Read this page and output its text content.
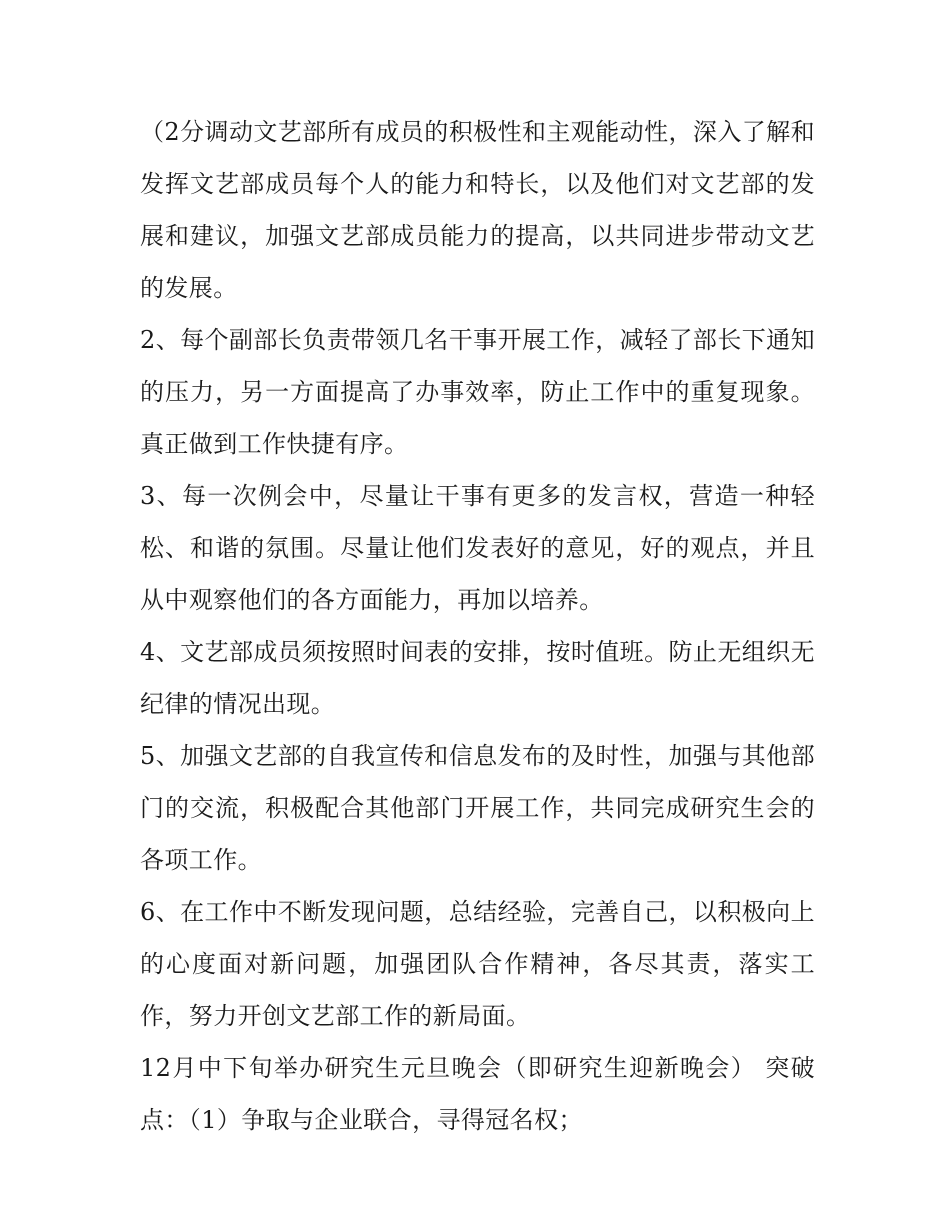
（2分调动文艺部所有成员的积极性和主观能动性，深入了解和发挥文艺部成员每个人的能力和特长，以及他们对文艺部的发展和建议，加强文艺部成员能力的提高，以共同进步带动文艺的发展。

2、每个副部长负责带领几名干事开展工作，减轻了部长下通知的压力，另一方面提高了办事效率，防止工作中的重复现象。真正做到工作快捷有序。

3、每一次例会中，尽量让干事有更多的发言权，营造一种轻松、和谐的氛围。尽量让他们发表好的意见，好的观点，并且从中观察他们的各方面能力，再加以培养。

4、文艺部成员须按照时间表的安排，按时值班。防止无组织无纪律的情况出现。

5、加强文艺部的自我宣传和信息发布的及时性，加强与其他部门的交流，积极配合其他部门开展工作，共同完成研究生会的各项工作。

6、在工作中不断发现问题，总结经验，完善自己，以积极向上的心度面对新问题，加强团队合作精神，各尽其责，落实工作，努力开创文艺部工作的新局面。

12月中下旬举办研究生元旦晚会（即研究生迎新晚会） 突破点：（1）争取与企业联合，寻得冠名权；
